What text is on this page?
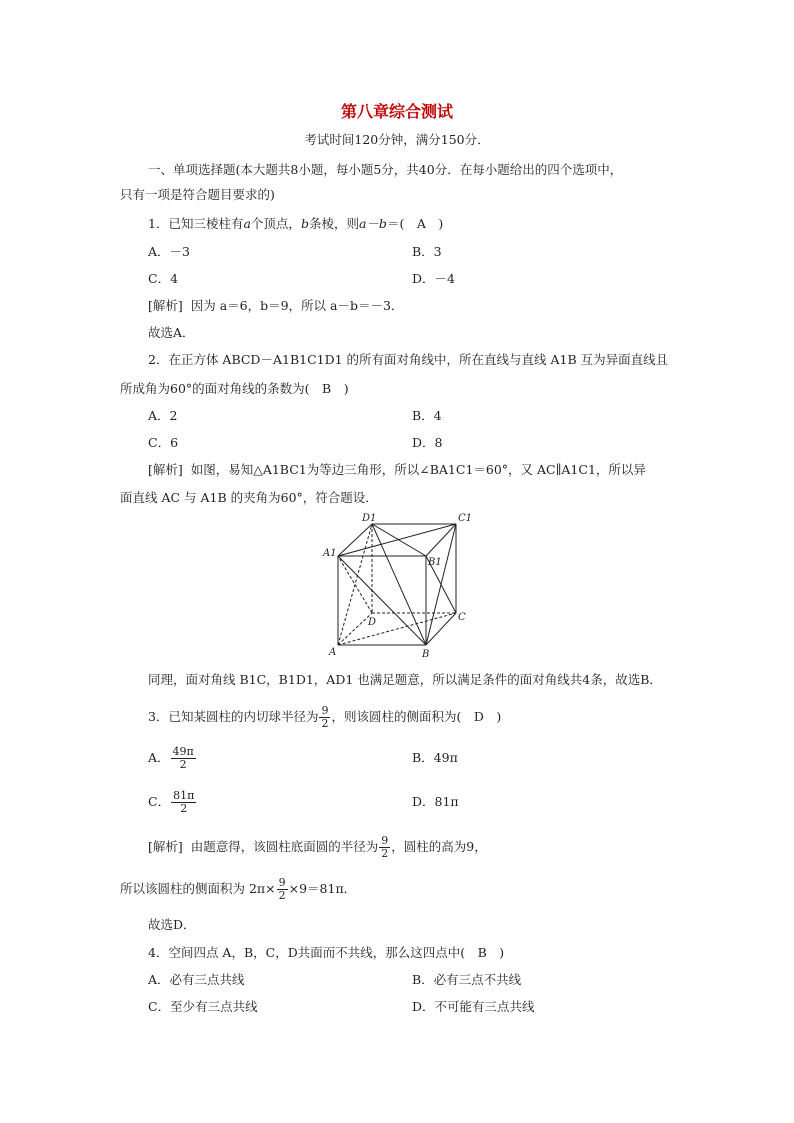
第八章综合测试
考试时间120分钟，满分150分．
一、单项选择题(本大题共8小题，每小题5分，共40分．在每小题给出的四个选项中，
只有一项是符合题目要求的)
1．已知三棱柱有a个顶点，b条棱，则a－b＝(　A　)
A．－3	B．3
C．4	D．－4
[解析] 因为 a＝6，b＝9，所以 a－b＝－3．
故选A．
2．在正方体 ABCD－A1B1C1D1 的所有面对角线中，所在直线与直线 A1B 互为异面直线且
所成角为60°的面对角线的条数为(　B　)
A．2	B．4
C．6	D．8
[解析] 如图，易知△A1BC1为等边三角形，所以∠BA1C1＝60°，又 AC∥A1C1，所以异
面直线 AC 与 A1B 的夹角为60°，符合题设．
D1	C1
A1
B1
D	C
A	B
同理，面对角线 B1C，B1D1，AD1 也满足题意，所以满足条件的面对角线共4条，故选B．
3．已知某圆柱的内切球半径为 $\frac{9}{2}$ ，则该圆柱的侧面积为(　D　)
A． $\frac{49\pi}{2}$	B．49π
C． $\frac{81\pi}{2}$	D．81π
[解析] 由题意得，该圆柱底面圆的半径为 $\frac{9}{2}$ ，圆柱的高为9，
所以该圆柱的侧面积为 $2\pi\times \frac{9}{2} \times 9=81\pi$．
故选D．
4．空间四点 A，B，C，D共面而不共线，那么这四点中(　B　)
A．必有三点共线	B．必有三点不共线
C．至少有三点共线	D．不可能有三点共线
